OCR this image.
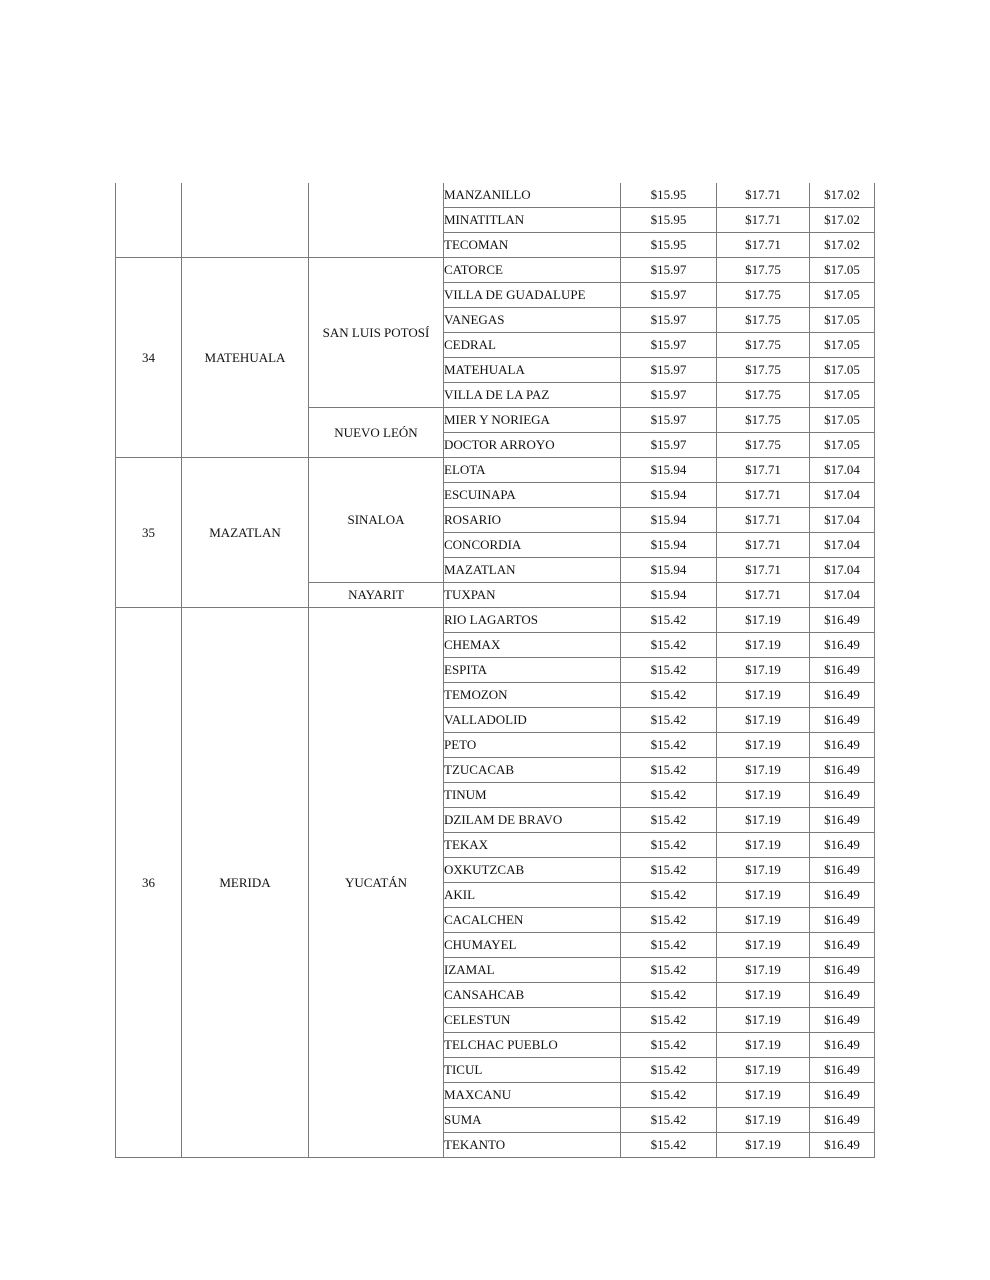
			MANZANILLO	$15.95	$17.71	$17.02
			MINATITLAN	$15.95	$17.71	$17.02
			TECOMAN	$15.95	$17.71	$17.02
34	MATEHUALA	SAN LUIS POTOSÍ	CATORCE	$15.97	$17.75	$17.05
			VILLA DE GUADALUPE	$15.97	$17.75	$17.05
			VANEGAS	$15.97	$17.75	$17.05
			CEDRAL	$15.97	$17.75	$17.05
			MATEHUALA	$15.97	$17.75	$17.05
			VILLA DE LA PAZ	$15.97	$17.75	$17.05
		NUEVO LEÓN	MIER Y NORIEGA	$15.97	$17.75	$17.05
			DOCTOR ARROYO	$15.97	$17.75	$17.05
35	MAZATLAN	SINALOA	ELOTA	$15.94	$17.71	$17.04
			ESCUINAPA	$15.94	$17.71	$17.04
			ROSARIO	$15.94	$17.71	$17.04
			CONCORDIA	$15.94	$17.71	$17.04
			MAZATLAN	$15.94	$17.71	$17.04
		NAYARIT	TUXPAN	$15.94	$17.71	$17.04
36	MERIDA	YUCATÁN	RIO LAGARTOS	$15.42	$17.19	$16.49
			CHEMAX	$15.42	$17.19	$16.49
			ESPITA	$15.42	$17.19	$16.49
			TEMOZON	$15.42	$17.19	$16.49
			VALLADOLID	$15.42	$17.19	$16.49
			PETO	$15.42	$17.19	$16.49
			TZUCACAB	$15.42	$17.19	$16.49
			TINUM	$15.42	$17.19	$16.49
			DZILAM DE BRAVO	$15.42	$17.19	$16.49
			TEKAX	$15.42	$17.19	$16.49
			OXKUTZCAB	$15.42	$17.19	$16.49
			AKIL	$15.42	$17.19	$16.49
			CACALCHEN	$15.42	$17.19	$16.49
			CHUMAYEL	$15.42	$17.19	$16.49
			IZAMAL	$15.42	$17.19	$16.49
			CANSAHCAB	$15.42	$17.19	$16.49
			CELESTUN	$15.42	$17.19	$16.49
			TELCHAC PUEBLO	$15.42	$17.19	$16.49
			TICUL	$15.42	$17.19	$16.49
			MAXCANU	$15.42	$17.19	$16.49
			SUMA	$15.42	$17.19	$16.49
			TEKANTO	$15.42	$17.19	$16.49
